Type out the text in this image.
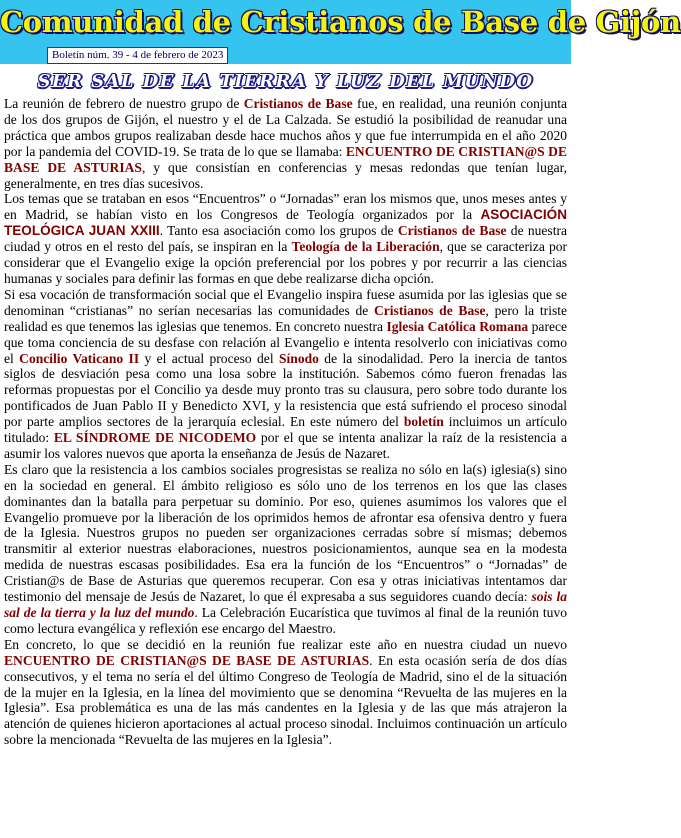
Comunidad de Cristianos de Base de Gijón
Boletín núm. 39 - 4 de febrero de 2023
SER SAL DE LA TIERRA Y LUZ DEL MUNDO

La reunión de febrero de nuestro grupo de Cristianos de Base fue, en realidad, una reunión conjunta de los dos grupos de Gijón, el nuestro y el de La Calzada. Se estudió la posibilidad de reanudar una práctica que ambos grupos realizaban desde hace muchos años y que fue interrumpida en el año 2020 por la pandemia del COVID-19. Se trata de lo que se llamaba: ENCUENTRO DE CRISTIAN@S DE BASE DE ASTURIAS, y que consistían en conferencias y mesas redondas que tenían lugar, generalmente, en tres días sucesivos.

Los temas que se trataban en esos “Encuentros” o “Jornadas” eran los mismos que, unos meses antes y en Madrid, se habían visto en los Congresos de Teología organizados por la ASOCIACIÓN TEOLÓGICA JUAN XXIII. Tanto esa asociación como los grupos de Cristianos de Base de nuestra ciudad y otros en el resto del país, se inspiran en la Teología de la Liberación, que se caracteriza por considerar que el Evangelio exige la opción preferencial por los pobres y por recurrir a las ciencias humanas y sociales para definir las formas en que debe realizarse dicha opción.

Si esa vocación de transformación social que el Evangelio inspira fuese asumida por las iglesias que se denominan “cristianas” no serían necesarias las comunidades de Cristianos de Base, pero la triste realidad es que tenemos las iglesias que tenemos. En concreto nuestra Iglesia Católica Romana parece que toma conciencia de su desfase con relación al Evangelio e intenta resolverlo con iniciativas como el Concilio Vaticano II y el actual proceso del Sínodo de la sinodalidad. Pero la inercia de tantos siglos de desviación pesa como una losa sobre la institución. Sabemos cómo fueron frenadas las reformas propuestas por el Concilio ya desde muy pronto tras su clausura, pero sobre todo durante los pontificados de Juan Pablo II y Benedicto XVI, y la resistencia que está sufriendo el proceso sinodal por parte amplios sectores de la jerarquía eclesial. En este número del boletín incluimos un artículo titulado: EL SÍNDROME DE NICODEMO por el que se intenta analizar la raíz de la resistencia a asumir los valores nuevos que aporta la enseñanza de Jesús de Nazaret.

Es claro que la resistencia a los cambios sociales progresistas se realiza no sólo en la(s) iglesia(s) sino en la sociedad en general. El ámbito religioso es sólo uno de los terrenos en los que las clases dominantes dan la batalla para perpetuar su dominio. Por eso, quienes asumimos los valores que el Evangelio promueve por la liberación de los oprimidos hemos de afrontar esa ofensiva dentro y fuera de la Iglesia. Nuestros grupos no pueden ser organizaciones cerradas sobre sí mismas; debemos transmitir al exterior nuestras elaboraciones, nuestros posicionamientos, aunque sea en la modesta medida de nuestras escasas posibilidades. Esa era la función de los “Encuentros” o “Jornadas” de Cristian@s de Base de Asturias que queremos recuperar. Con esa y otras iniciativas intentamos dar testimonio del mensaje de Jesús de Nazaret, lo que él expresaba a sus seguidores cuando decía: sois la sal de la tierra y la luz del mundo. La Celebración Eucarística que tuvimos al final de la reunión tuvo como lectura evangélica y reflexión ese encargo del Maestro.

En concreto, lo que se decidió en la reunión fue realizar este año en nuestra ciudad un nuevo ENCUENTRO DE CRISTIAN@S DE BASE DE ASTURIAS. En esta ocasión sería de dos días consecutivos, y el tema no sería el del último Congreso de Teología de Madrid, sino el de la situación de la mujer en la Iglesia, en la línea del movimiento que se denomina “Revuelta de las mujeres en la Iglesia”. Esa problemática es una de las más candentes en la Iglesia y de las que más atrajeron la atención de quienes hicieron aportaciones al actual proceso sinodal. Incluimos continuación un artículo sobre la mencionada “Revuelta de las mujeres en la Iglesia”.
